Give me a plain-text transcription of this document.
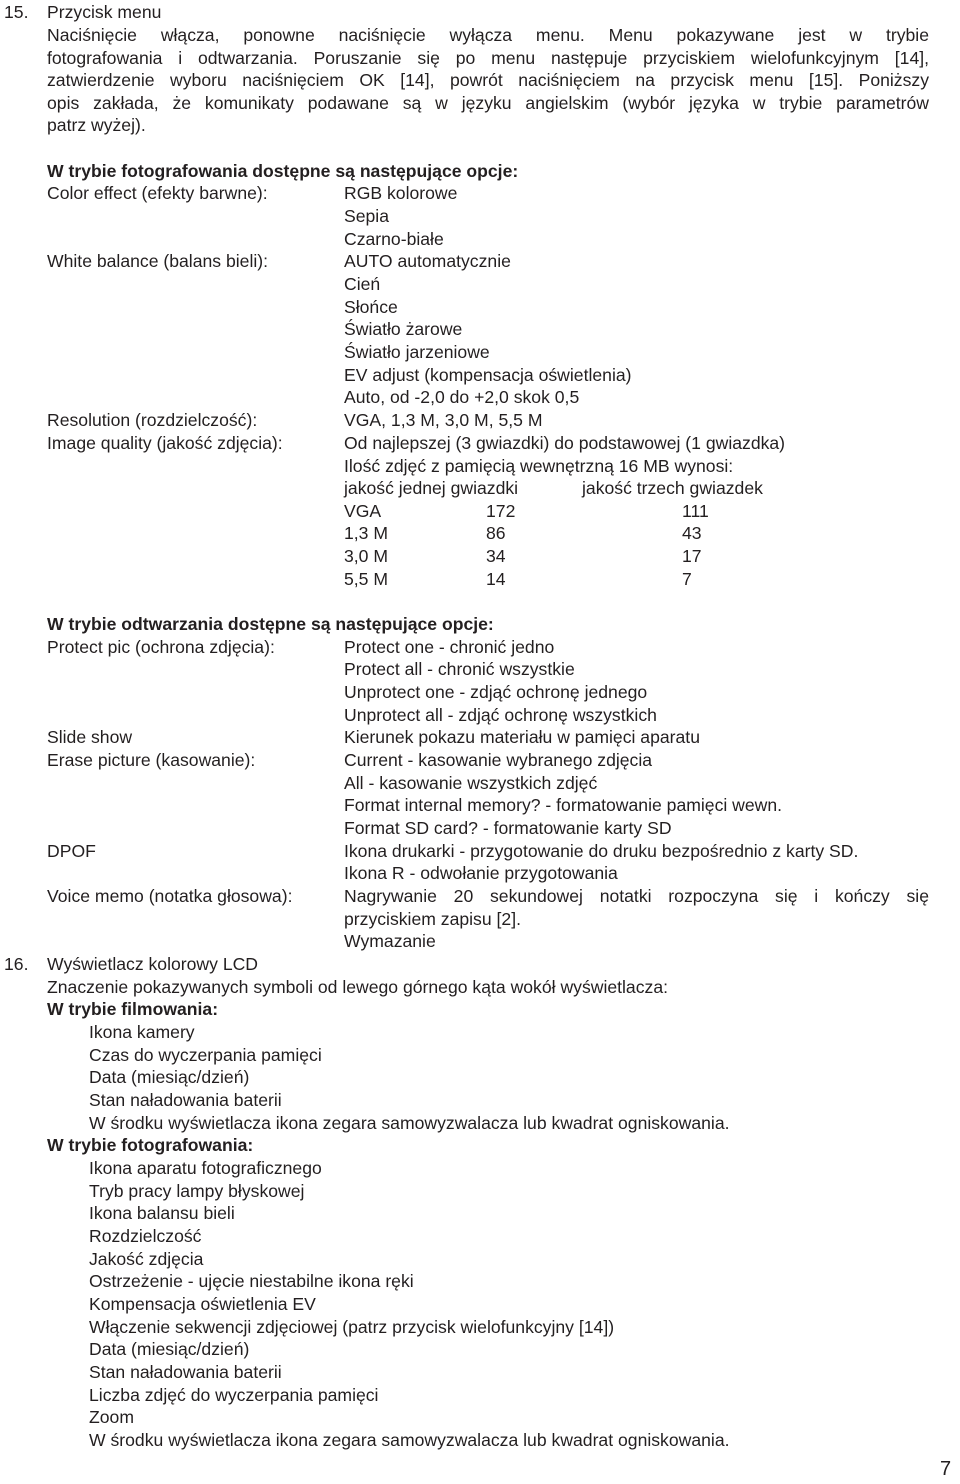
15. Przycisk menu
Naciśnięcie włącza, ponowne naciśnięcie wyłącza menu. Menu pokazywane jest w trybie
fotografowania i odtwarzania. Poruszanie się po menu następuje przyciskiem wielofunkcyjnym [14],
zatwierdzenie wyboru naciśnięciem OK [14], powrót naciśnięciem na przycisk menu [15]. Poniższy
opis zakłada, że komunikaty podawane są w języku angielskim (wybór języka w trybie parametrów
patrz wyżej).
W trybie fotografowania dostępne są następujące opcje:
Color effect (efekty barwne):	RGB kolorowe
Sepia
Czarno-białe
White balance (balans bieli):	AUTO automatycznie
Cień
Słońce
Światło żarowe
Światło jarzeniowe
EV adjust (kompensacja oświetlenia)
Auto, od -2,0 do +2,0 skok 0,5
Resolution (rozdzielczość):	VGA, 1,3 M, 3,0 M, 5,5 M
Image quality (jakość zdjęcia):	Od najlepszej (3 gwiazdki) do podstawowej (1 gwiazdka)
Ilość zdjęć z pamięcią wewnętrzną 16 MB wynosi:
jakość jednej gwiazdki	jakość trzech gwiazdek
VGA	172	111
1,3 M	86	43
3,0 M	34	17
5,5 M	14	7
W trybie odtwarzania dostępne są następujące opcje:
Protect pic (ochrona zdjęcia):	Protect one - chronić jedno
Protect all - chronić wszystkie
Unprotect one - zdjąć ochronę jednego
Unprotect all - zdjąć ochronę wszystkich
Slide show	Kierunek pokazu materiału w pamięci aparatu
Erase picture (kasowanie):	Current - kasowanie wybranego zdjęcia
All - kasowanie wszystkich zdjęć
Format internal memory? - formatowanie pamięci wewn.
Format SD card? - formatowanie karty SD
DPOF	Ikona drukarki - przygotowanie do druku bezpośrednio z karty SD.
Ikona R - odwołanie przygotowania
Voice memo (notatka głosowa):	Nagrywanie 20 sekundowej notatki rozpoczyna się i kończy się
przyciskiem zapisu [2].
Wymazanie
16. Wyświetlacz kolorowy LCD
Znaczenie pokazywanych symboli od lewego górnego kąta wokół wyświetlacza:
W trybie filmowania:
Ikona kamery
Czas do wyczerpania pamięci
Data (miesiąc/dzień)
Stan naładowania baterii
W środku wyświetlacza ikona zegara samowyzwalacza lub kwadrat ogniskowania.
W trybie fotografowania:
Ikona aparatu fotograficznego
Tryb pracy lampy błyskowej
Ikona balansu bieli
Rozdzielczość
Jakość zdjęcia
Ostrzeżenie - ujęcie niestabilne ikona ręki
Kompensacja oświetlenia EV
Włączenie sekwencji zdjęciowej (patrz przycisk wielofunkcyjny [14])
Data (miesiąc/dzień)
Stan naładowania baterii
Liczba zdjęć do wyczerpania pamięci
Zoom
W środku wyświetlacza ikona zegara samowyzwalacza lub kwadrat ogniskowania.
7
